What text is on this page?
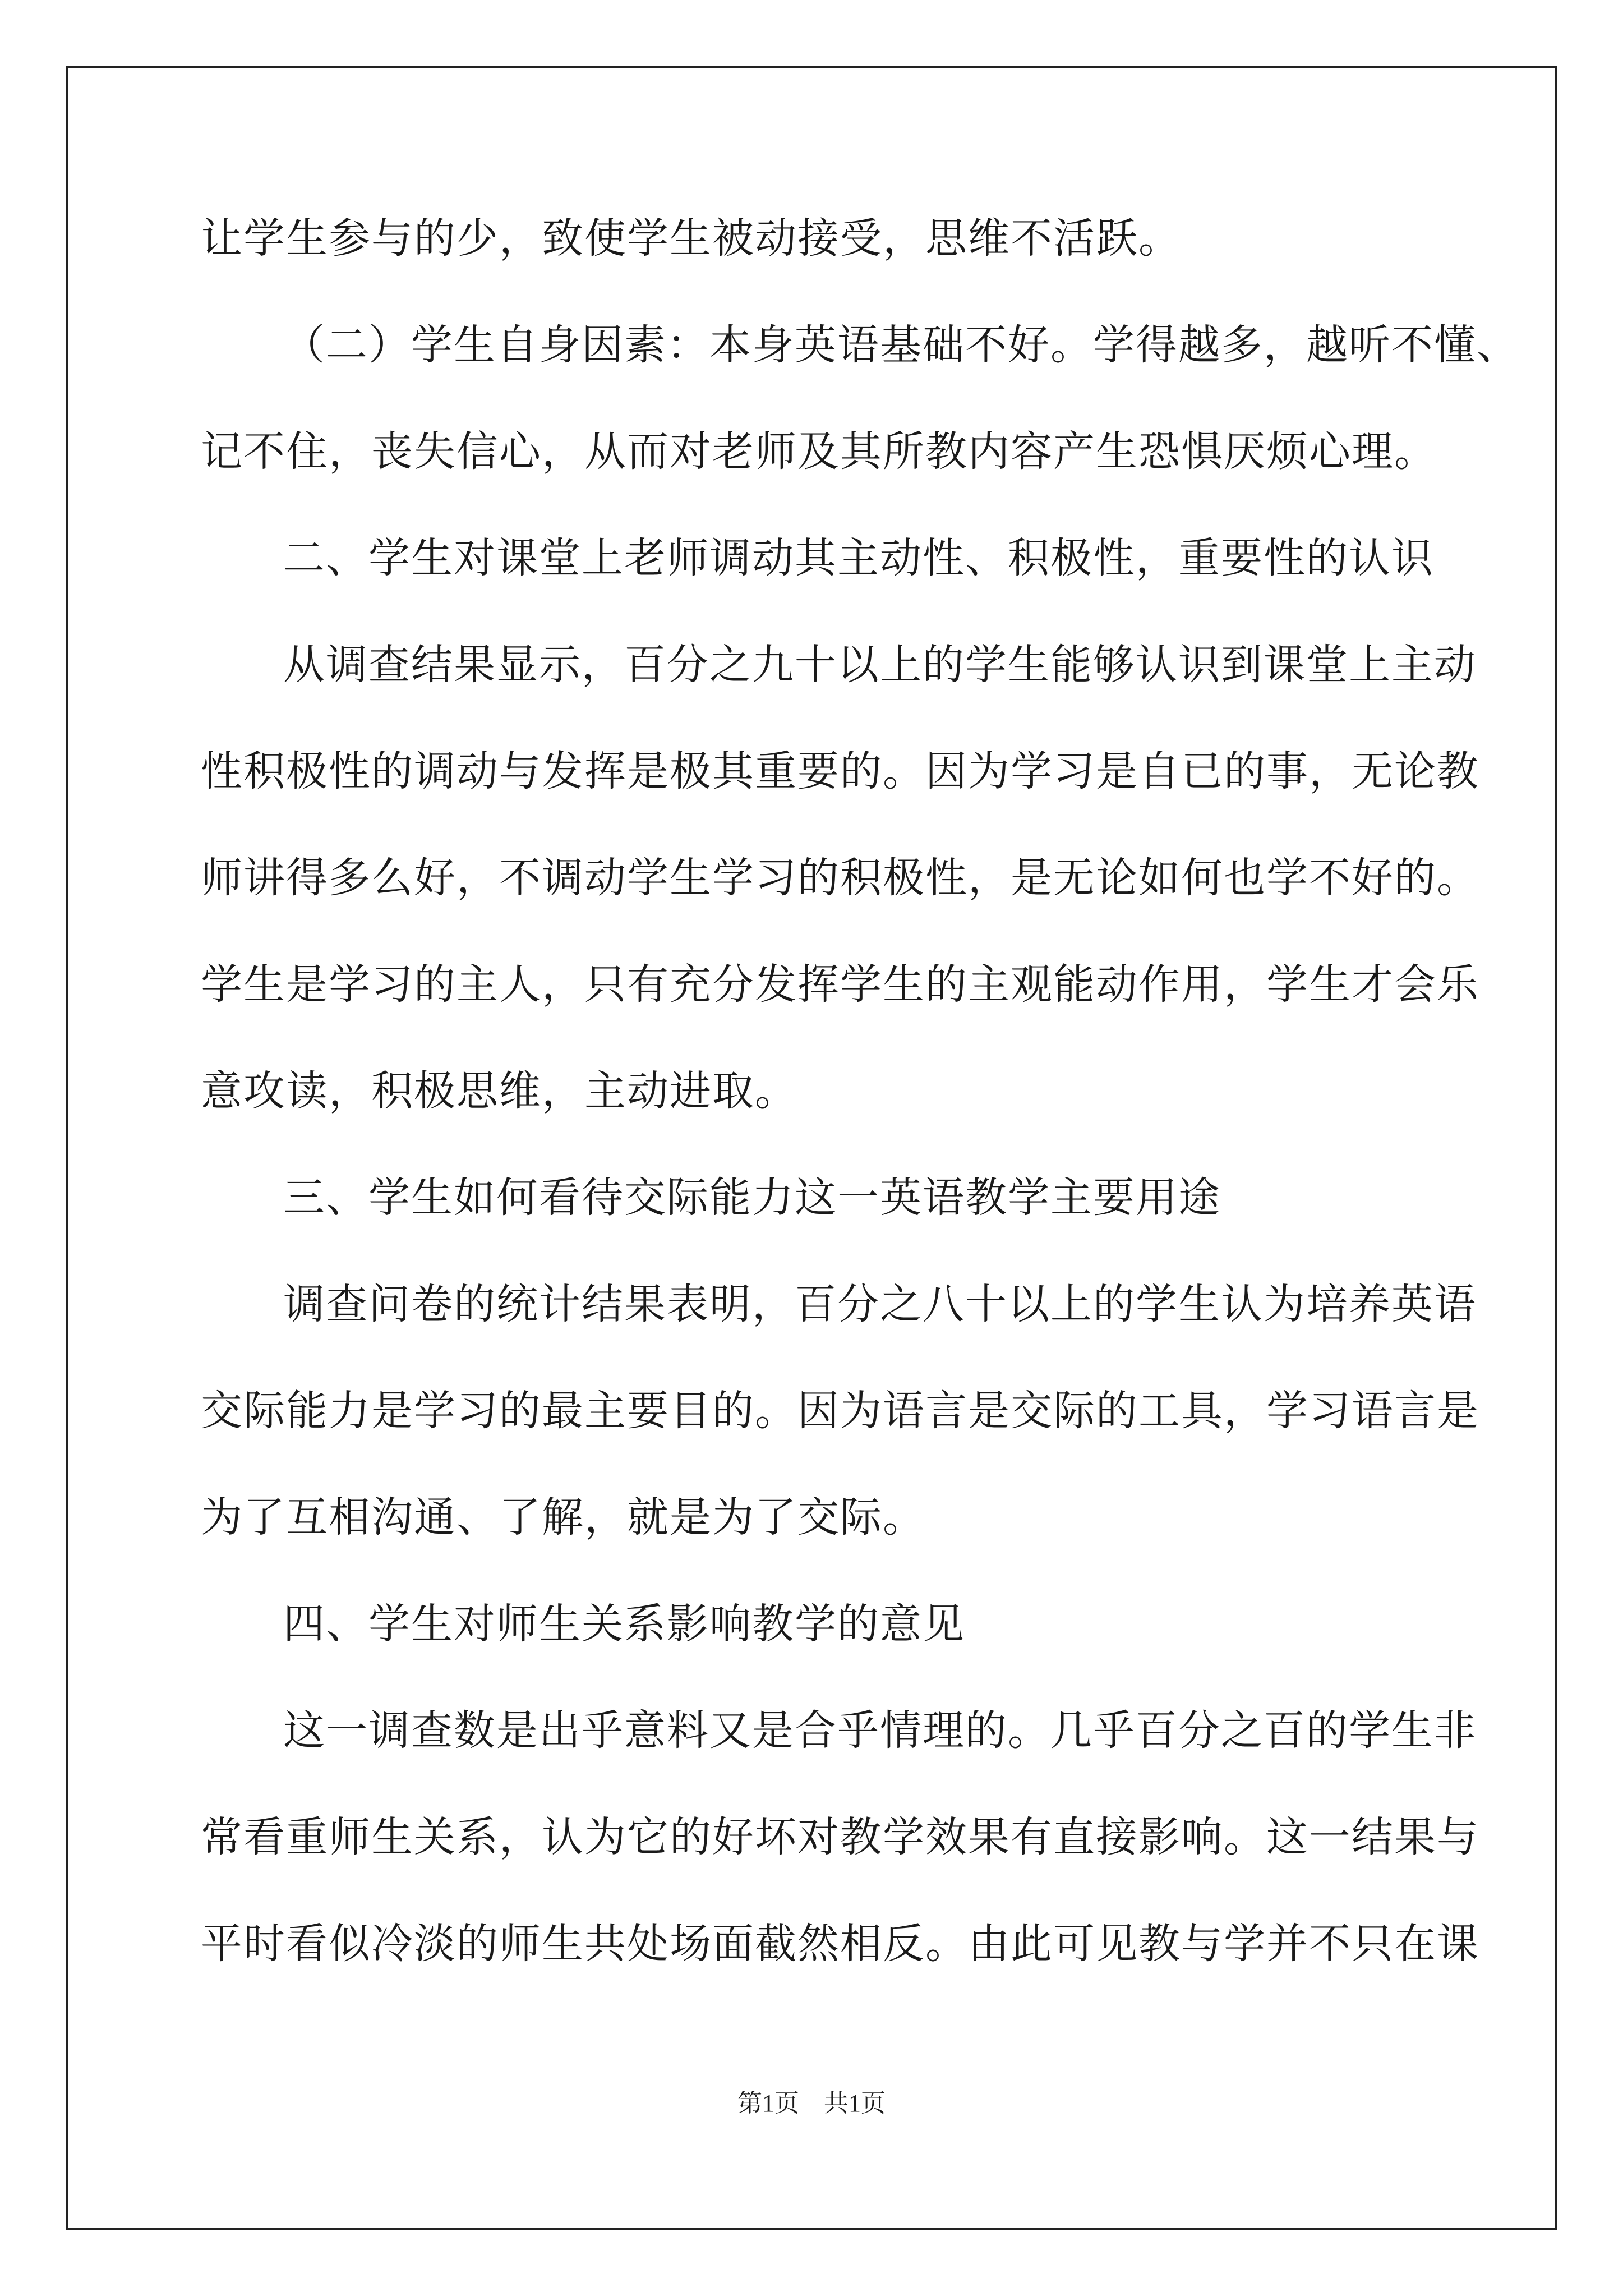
让学生参与的少，致使学生被动接受，思维不活跃。
（二）学生自身因素：本身英语基础不好。学得越多，越听不懂、
记不住，丧失信心，从而对老师及其所教内容产生恐惧厌烦心理。
二、学生对课堂上老师调动其主动性、积极性，重要性的认识
从调查结果显示，百分之九十以上的学生能够认识到课堂上主动
性积极性的调动与发挥是极其重要的。因为学习是自已的事，无论教
师讲得多么好，不调动学生学习的积极性，是无论如何也学不好的。
学生是学习的主人，只有充分发挥学生的主观能动作用，学生才会乐
意攻读，积极思维，主动进取。
三、学生如何看待交际能力这一英语教学主要用途
调查问卷的统计结果表明，百分之八十以上的学生认为培养英语
交际能力是学习的最主要目的。因为语言是交际的工具，学习语言是
为了互相沟通、了解，就是为了交际。
四、学生对师生关系影响教学的意见
这一调查数是出乎意料又是合乎情理的。几乎百分之百的学生非
常看重师生关系，认为它的好坏对教学效果有直接影响。这一结果与
平时看似冷淡的师生共处场面截然相反。由此可见教与学并不只在课
第1页　共1页
